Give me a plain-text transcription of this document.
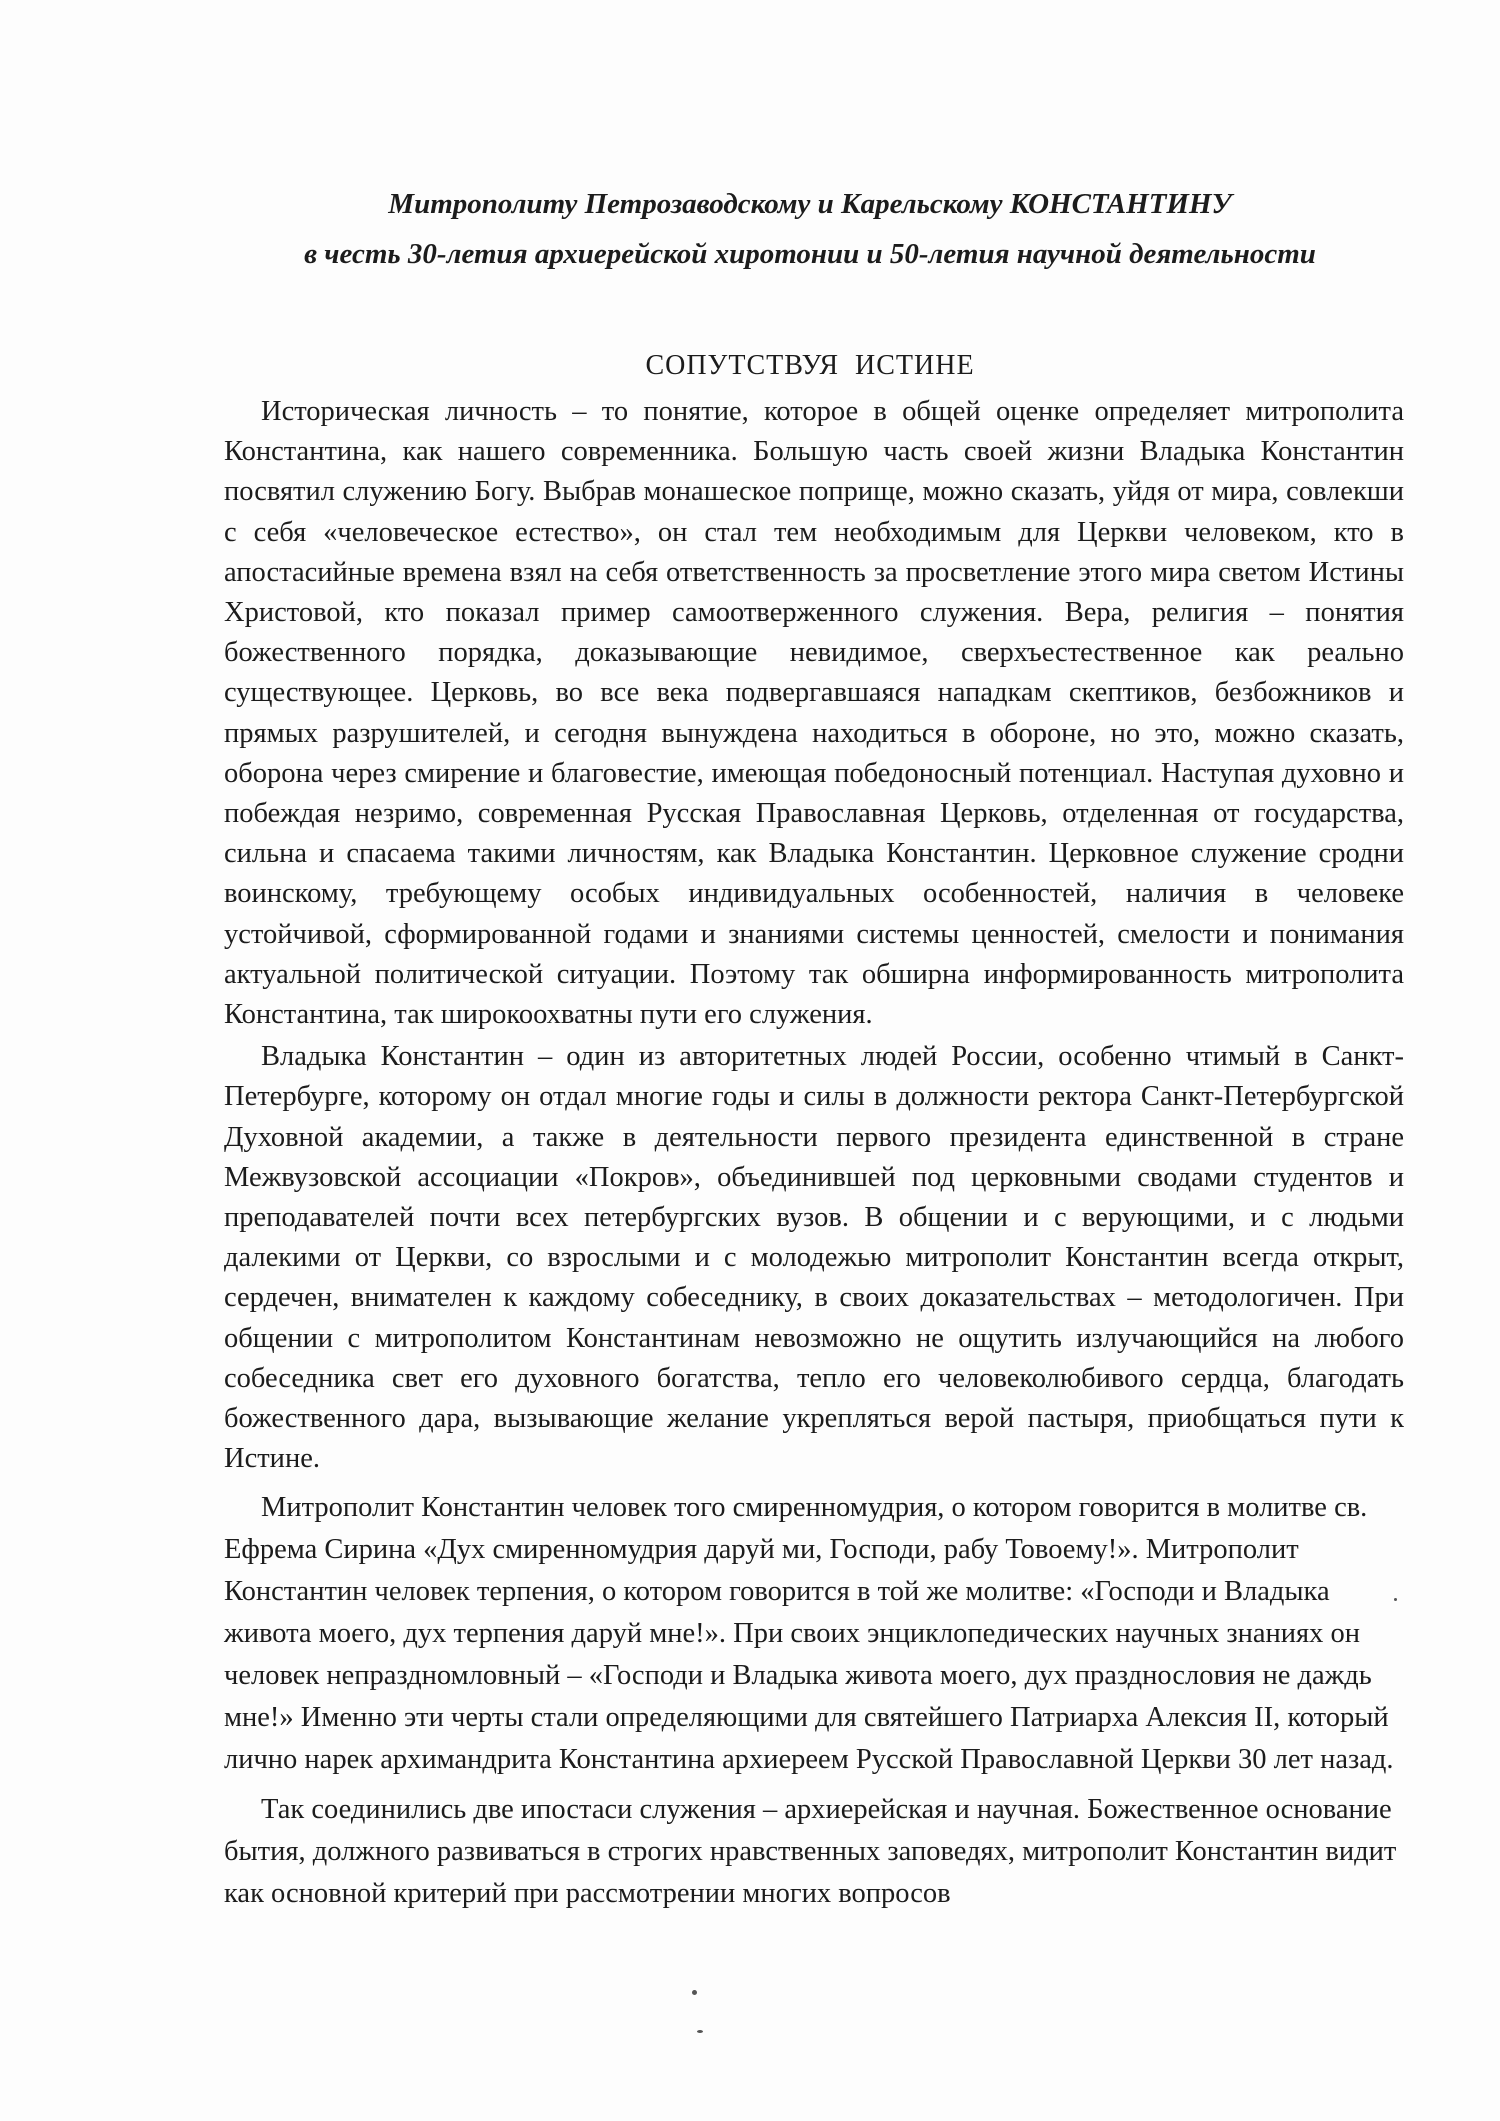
Митрополиту Петрозаводскому и Карельскому КОНСТАНТИНУ
в честь 30-летия архиерейской хиротонии и 50-летия научной деятельности
СОПУТСТВУЯ ИСТИНЕ

Историческая личность – то понятие, которое в общей оценке определяет митрополита Константина, как нашего современника. Большую часть своей жизни Владыка Константин посвятил служению Богу. Выбрав монашеское поприще, можно сказать, уйдя от мира, совлекши с себя «человеческое естество», он стал тем необходимым для Церкви человеком, кто в апостасийные времена взял на себя ответственность за просветление этого мира светом Истины Христовой, кто показал пример самоотверженного служения. Вера, религия – понятия божественного порядка, доказывающие невидимое, сверхъестественное как реально существующее. Церковь, во все века подвергавшаяся нападкам скептиков, безбожников и прямых разрушителей, и сегодня вынуждена находиться в обороне, но это, можно сказать, оборона через смирение и благовестие, имеющая победоносный потенциал. Наступая духовно и побеждая незримо, современная Русская Православная Церковь, отделенная от государства, сильна и спасаема такими личностям, как Владыка Константин. Церковное служение сродни воинскому, требующему особых индивидуальных особенностей, наличия в человеке устойчивой, сформированной годами и знаниями системы ценностей, смелости и понимания актуальной политической ситуации. Поэтому так обширна информированность митрополита Константина, так широкоохватны пути его служения.

Владыка Константин – один из авторитетных людей России, особенно чтимый в Санкт-Петербурге, которому он отдал многие годы и силы в должности ректора Санкт-Петербургской Духовной академии, а также в деятельности первого президента единственной в стране Межвузовской ассоциации «Покров», объединившей под церковными сводами студентов и преподавателей почти всех петербургских вузов. В общении и с верующими, и с людьми далекими от Церкви, со взрослыми и с молодежью митрополит Константин всегда открыт, сердечен, внимателен к каждому собеседнику, в своих доказательствах – методологичен. При общении с митрополитом Константинам невозможно не ощутить излучающийся на любого собеседника свет его духовного богатства, тепло его человеколюбивого сердца, благодать божественного дара, вызывающие желание укрепляться верой пастыря, приобщаться пути к Истине.

Митрополит Константин человек того смиренномудрия, о котором говорится в молитве св. Ефрема Сирина «Дух смиренномудрия даруй ми, Господи, рабу Товоему!». Митрополит Константин человек терпения, о котором говорится в той же молитве: «Господи и Владыка живота моего, дух терпения даруй мне!». При своих энциклопедических научных знаниях он человек непраздномловный – «Господи и Владыка живота моего, дух празднословия не даждь мне!» Именно эти черты стали определяющими для святейшего Патриарха Алексия II, который лично нарек архимандрита Константина архиереем Русской Православной Церкви 30 лет назад.

Так соединились две ипостаси служения – архиерейская и научная. Божественное основание бытия, должного развиваться в строгих нравственных заповедях, митрополит Константин видит как основной критерий при рассмотрении многих вопросов
